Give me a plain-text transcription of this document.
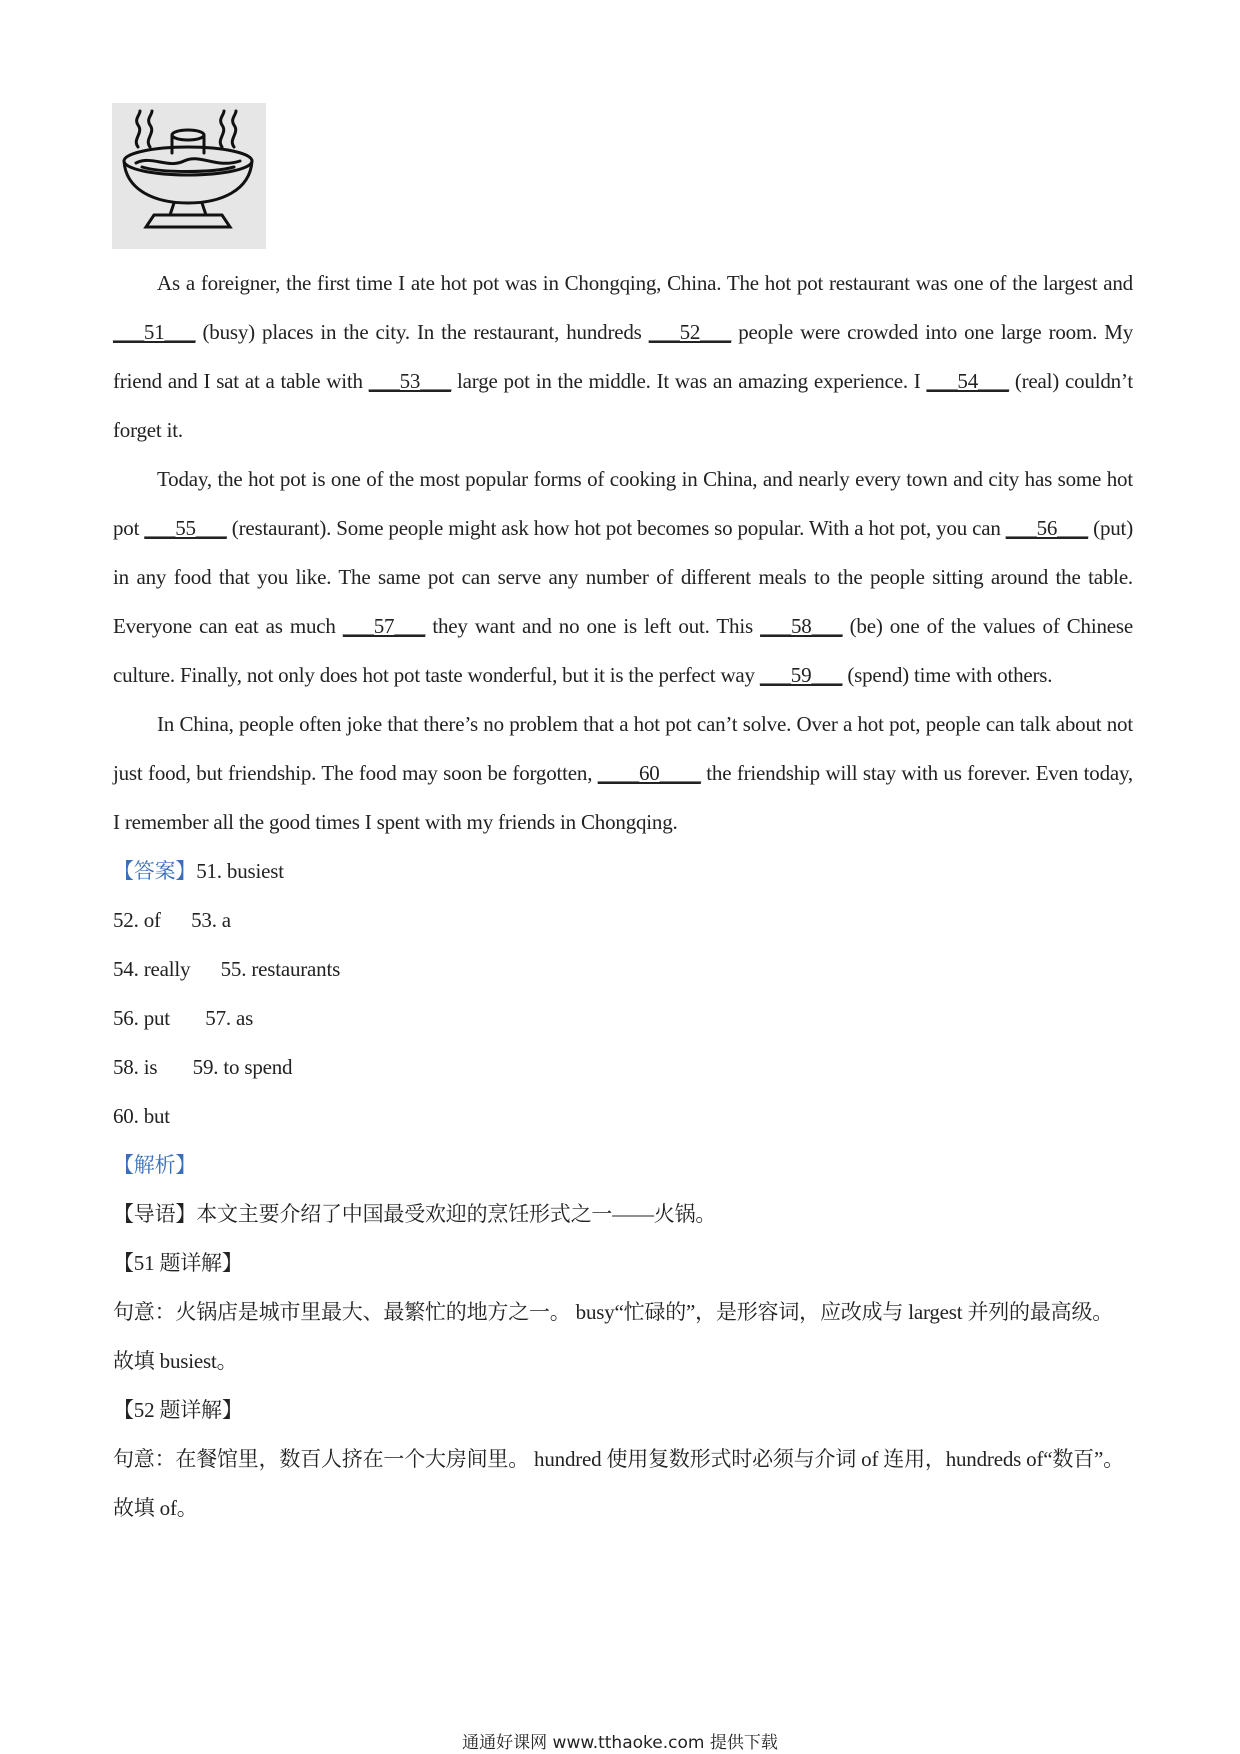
As a foreigner, the first time I ate hot pot was in Chongqing, China. The hot pot restaurant was one of the largest and ___51___ (busy) places in the city. In the restaurant, hundreds ___52___ people were crowded into one large room. My friend and I sat at a table with ___53___ large pot in the middle. It was an amazing experience. I ___54___ (real) couldn’t forget it.

Today, the hot pot is one of the most popular forms of cooking in China, and nearly every town and city has some hot pot ___55___ (restaurant). Some people might ask how hot pot becomes so popular. With a hot pot, you can ___56___ (put) in any food that you like. The same pot can serve any number of different meals to the people sitting around the table. Everyone can eat as much ___57___ they want and no one is left out. This ___58___ (be) one of the values of Chinese culture. Finally, not only does hot pot taste wonderful, but it is the perfect way ___59___ (spend) time with others.

In China, people often joke that there’s no problem that a hot pot can’t solve. Over a hot pot, people can talk about not just food, but friendship. The food may soon be forgotten, ____60____ the friendship will stay with us forever. Even today, I remember all the good times I spent with my friends in Chongqing.

【答案】51. busiest

52. of 53. a

54. really 55. restaurants

56. put 57. as

58. is 59. to spend

60. but

【解析】

【导语】本文主要介绍了中国最受欢迎的烹饪形式之一——火锅。

【51 题详解】

句意：火锅店是城市里最大、最繁忙的地方之一。 busy“忙碌的”，是形容词，应改成与 largest 并列的最高级。故填 busiest。

【52 题详解】

句意：在餐馆里，数百人挤在一个大房间里。 hundred 使用复数形式时必须与介词 of 连用，hundreds of“数百”。故填 of。

通通好课网 www.tthaoke.com 提供下载
